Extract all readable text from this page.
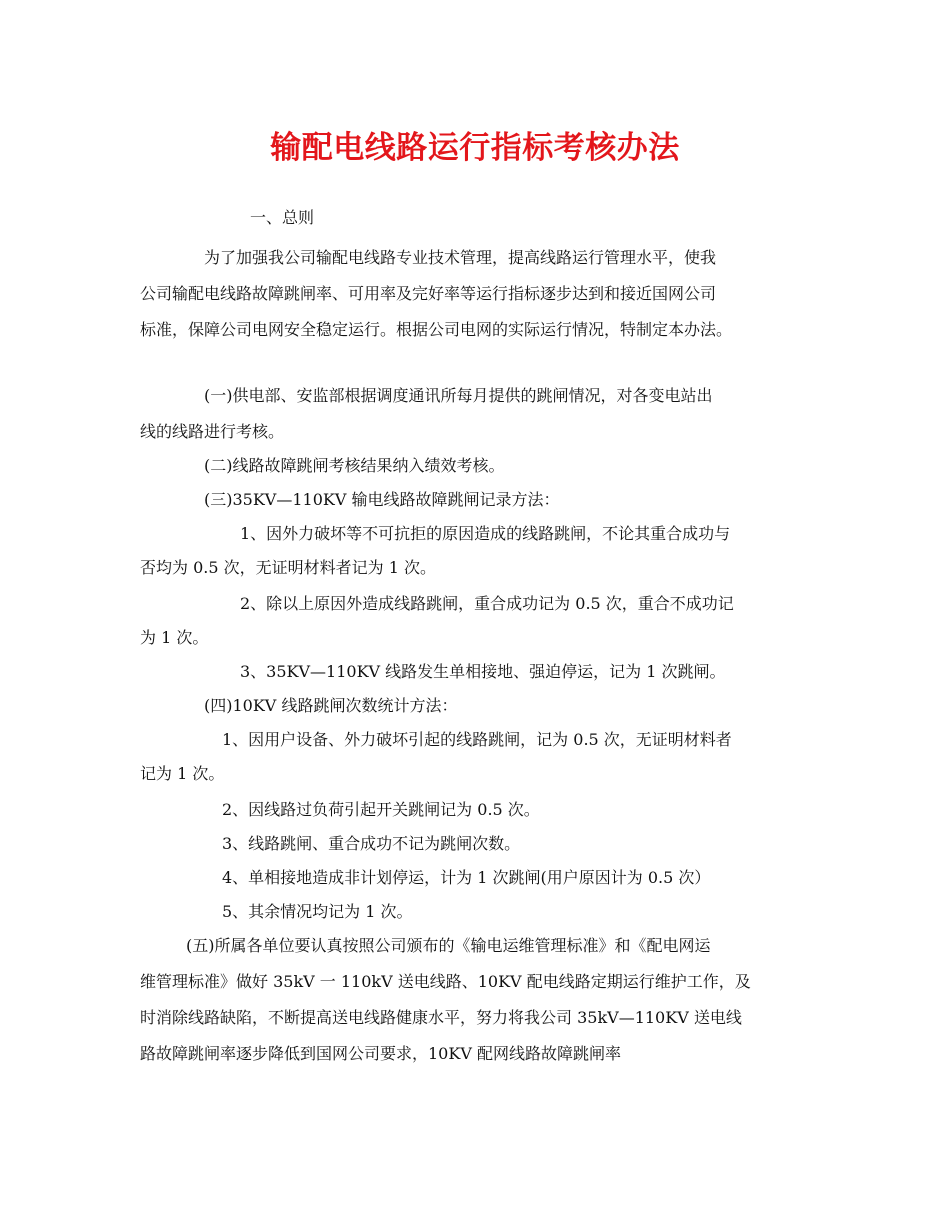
输配电线路运行指标考核办法
一、总则
为了加强我公司输配电线路专业技术管理，提高线路运行管理水平，使我
公司输配电线路故障跳闸率、可用率及完好率等运行指标逐步达到和接近国网公司
标准，保障公司电网安全稳定运行。根据公司电网的实际运行情况，特制定本办法。
(一)供电部、安监部根据调度通讯所每月提供的跳闸情况，对各变电站出
线的线路进行考核。
(二)线路故障跳闸考核结果纳入绩效考核。
(三)35KV—110KV 输电线路故障跳闸记录方法：
1、因外力破坏等不可抗拒的原因造成的线路跳闸，不论其重合成功与
否均为 0.5 次，无证明材料者记为 1 次。
2、除以上原因外造成线路跳闸，重合成功记为 0.5 次，重合不成功记
为 1 次。
3、35KV—110KV 线路发生单相接地、强迫停运，记为 1 次跳闸。
(四)10KV 线路跳闸次数统计方法：
1、因用户设备、外力破坏引起的线路跳闸，记为 0.5 次，无证明材料者
记为 1 次。
2、因线路过负荷引起开关跳闸记为 0.5 次。
3、线路跳闸、重合成功不记为跳闸次数。
4、单相接地造成非计划停运，计为 1 次跳闸(用户原因计为 0.5 次）
5、其余情况均记为 1 次。
(五)所属各单位要认真按照公司颁布的《输电运维管理标准》和《配电网运
维管理标准》做好 35kV 一 110kV 送电线路、10KV 配电线路定期运行维护工作，及
时消除线路缺陷，不断提高送电线路健康水平，努力将我公司 35kV—110KV 送电线
路故障跳闸率逐步降低到国网公司要求，10KV 配网线路故障跳闸率
